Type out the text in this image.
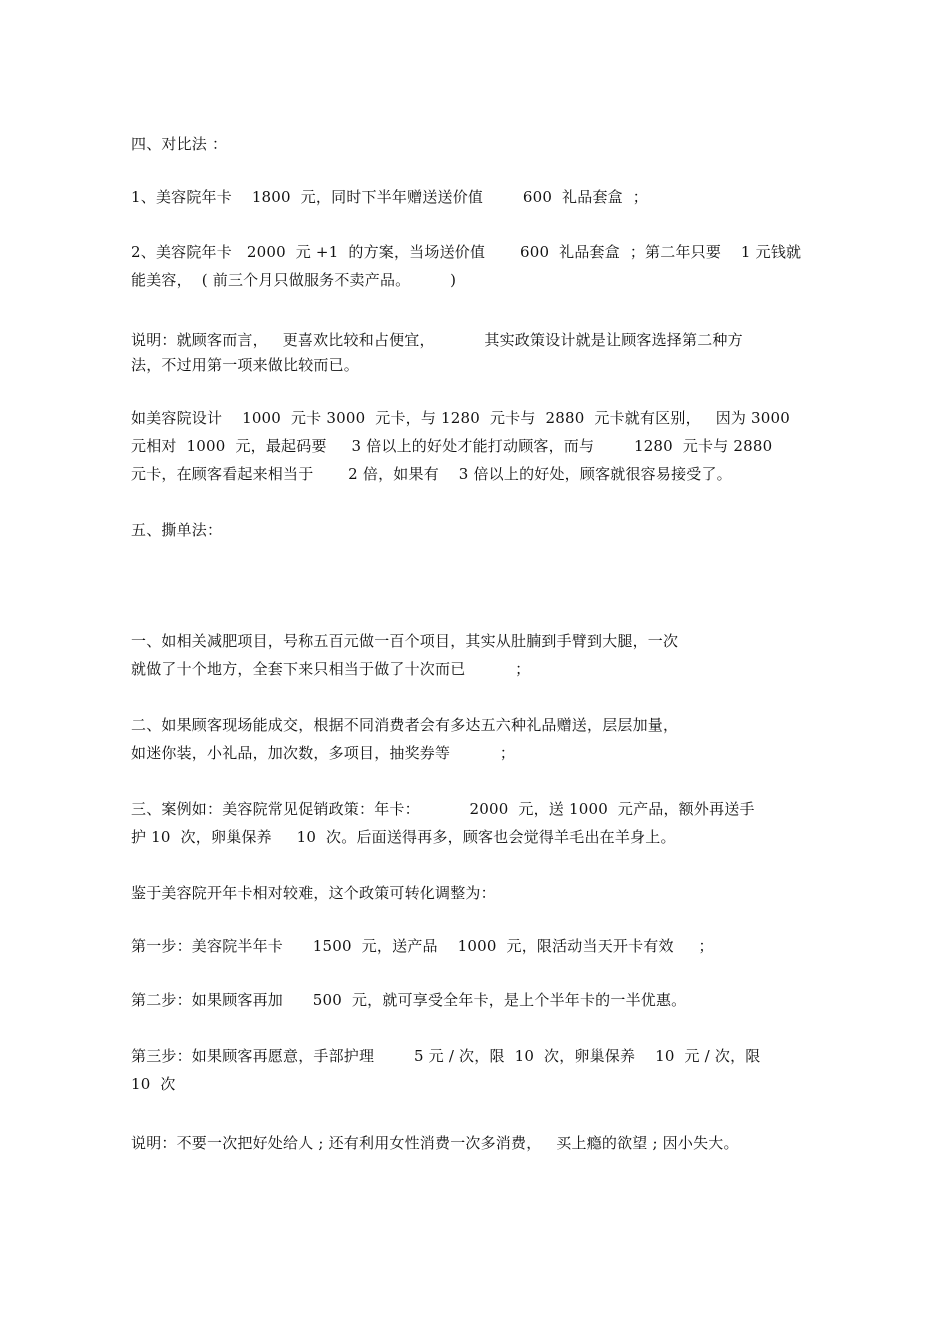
四、对比法 ：
1、美容院年卡    1800  元，同时下半年赠送送价值        600  礼品套盒  ；
2、美容院年卡   2000  元 +1  的方案，当场送价值       600  礼品套盒  ；第二年只要    1 元钱就
能美容，  ( 前三个月只做服务不卖产品。        )
说明：就顾客而言，   更喜欢比较和占便宜，          其实政策设计就是让顾客选择第二种方
法，不过用第一项来做比较而已。
如美容院设计    1000  元卡 3000  元卡，与 1280  元卡与  2880  元卡就有区别，   因为 3000
元相对  1000  元，最起码要     3 倍以上的好处才能打动顾客，而与        1280  元卡与 2880
元卡，在顾客看起来相当于       2 倍，如果有    3 倍以上的好处，顾客就很容易接受了。
五、撕单法：
一、如相关减肥项目，号称五百元做一百个项目，其实从肚腩到手臂到大腿，一次
就做了十个地方，全套下来只相当于做了十次而已          ；
二、如果顾客现场能成交，根据不同消费者会有多达五六种礼品赠送，层层加量，
如迷你装，小礼品，加次数，多项目，抽奖券等          ；
三、案例如：美容院常见促销政策：年卡：          2000  元，送 1000  元产品，额外再送手
护 10  次，卵巢保养     10  次。后面送得再多，顾客也会觉得羊毛出在羊身上。
鉴于美容院开年卡相对较难，这个政策可转化调整为：
第一步：美容院半年卡      1500  元，送产品    1000  元，限活动当天开卡有效     ；
第二步：如果顾客再加      500  元，就可享受全年卡，是上个半年卡的一半优惠。
第三步：如果顾客再愿意，手部护理        5 元 / 次，限  10  次，卵巢保养    10  元 / 次，限
10  次
说明：不要一次把好处给人 ; 还有利用女性消费一次多消费，   买上瘾的欲望 ; 因小失大。
